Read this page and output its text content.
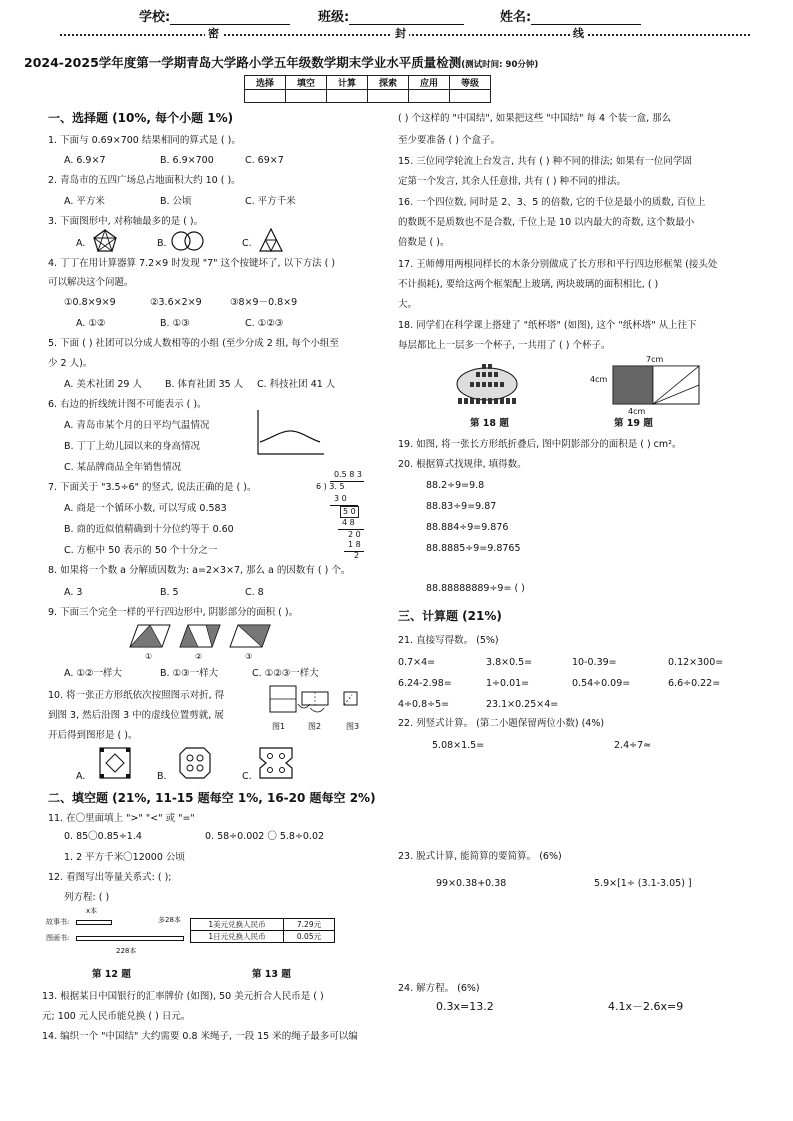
学校:	班级:	姓名:
密	封	线
2024-2025学年度第一学期青岛大学路小学五年级数学期末学业水平质量检测(测试时间: 90分钟)
选择	填空	计算	探索	应用	等级

一、选择题 (10%, 每个小题 1%)
1. 下面与 0.69×700 结果相同的算式是 ( )。
A. 6.9×7	B. 6.9×700	C. 69×7
2. 青岛市的五四广场总占地面积大约 10 ( )。
A. 平方米	B. 公顷	C. 平方千米
3. 下面图形中, 对称轴最多的是 ( )。
A.	B.	C.
4. 丁丁在用计算器算 7.2×9 时发现 "7" 这个按键坏了, 以下方法 ( )
可以解决这个问题。
①0.8×9×9	②3.6×2×9	③8×9－0.8×9
A. ①②	B. ①③	C. ①②③
5. 下面 ( ) 社团可以分成人数相等的小组 (至少分成 2 组, 每个小组至
少 2 人)。
A. 美术社团 29 人 B. 体育社团 35 人 C. 科技社团 41 人
6. 右边的折线统计图不可能表示 ( )。
A. 青岛市某个月的日平均气温情况
B. 丁丁上幼儿园以来的身高情况
C. 某品牌商品全年销售情况
7. 下面关于 "3.5÷6" 的竖式, 说法正确的是 ( )。
A. 商是一个循环小数, 可以写成 0.583
B. 商的近似值精确到十分位约等于 0.60
C. 方框中 50 表示的 50 个十分之一
0.5 8 3
6 ) 3. 5
3 0
5 0
4 8
2 0
1 8
2
8. 如果将一个数 a 分解质因数为: a=2×3×7, 那么 a 的因数有 ( ) 个。
A. 3	B. 5	C. 8
9. 下面三个完全一样的平行四边形中, 阴影部分的面积 ( )。
①	②	③
A. ①②一样大	B. ①③一样大	C. ①②③一样大
10. 将一张正方形纸依次按照图示对折, 得
到图 3, 然后沿图 3 中的虚线位置剪就, 展
开后得到图形是 ( )。
图1	图2	图3
A.	B.	C.
二、填空题 (21%, 11-15 题每空 1%, 16-20 题每空 2%)
11. 在〇里面填上 ">" "<" 或 "="
0. 85〇0.85÷1.4	0. 58÷0.002 〇 5.8÷0.02
1. 2 平方千米〇12000 公顷
12. 看图写出等量关系式: ( );
列方程: ( )
故事书:
x本
多28本
图画书:
228本
1美元兑换人民币	7.29元
1日元兑换人民币	0.05元
第 12 题	第 13 题
13. 根据某日中国银行的汇率牌价 (如图), 50 美元折合人民币是 ( )
元; 100 元人民币能兑换 ( ) 日元。
14. 编织一个 "中国结" 大约需要 0.8 米绳子, 一段 15 米的绳子最多可以编
( ) 个这样的 "中国结", 如果把这些 "中国结" 每 4 个装一盒, 那么
至少要准备 ( ) 个盒子。
15. 三位同学轮流上台发言, 共有 ( ) 种不同的排法; 如果有一位同学固
定第一个发言, 其余人任意排, 共有 ( ) 种不同的排法。
16. 一个四位数, 同时是 2、3、5 的倍数, 它的千位是最小的质数, 百位上
的数既不是质数也不是合数, 千位上是 10 以内最大的奇数, 这个数最小
倍数是 ( )。
17. 王师傅用两根同样长的木条分别做成了长方形和平行四边形框架 (接头处
不计损耗), 要给这两个框架配上玻璃, 两块玻璃的面积相比, ( )
大。
18. 同学们在科学课上搭建了 "纸杯塔" (如图), 这个 "纸杯塔" 从上往下
每层都比上一层多一个杯子, 一共用了 ( ) 个杯子。
第 18 题
7cm
4cm
4cm
第 19 题
19. 如图, 将一张长方形纸折叠后, 图中阴影部分的面积是 ( ) cm²。
20. 根据算式找规律, 填得数。
88.2÷9=9.8
88.83÷9=9.87
88.884÷9=9.876
88.8885÷9=9.8765
88.88888889÷9= ( )
三、计算题 (21%)
21. 直接写得数。 (5%)
0.7×4=	3.8×0.5=	10-0.39=	0.12×300=
6.24-2.98=	1÷0.01=	0.54÷0.09=	6.6÷0.22=
4÷0.8÷5=	23.1×0.25×4=
22. 列竖式计算。 (第二小题保留两位小数) (4%)
5.08×1.5=	2.4÷7≈
23. 脱式计算, 能简算的要简算。 (6%)
99×0.38+0.38	5.9×[1÷ (3.1-3.05) ]
24. 解方程。 (6%)
0.3x=13.2	4.1x－2.6x=9
